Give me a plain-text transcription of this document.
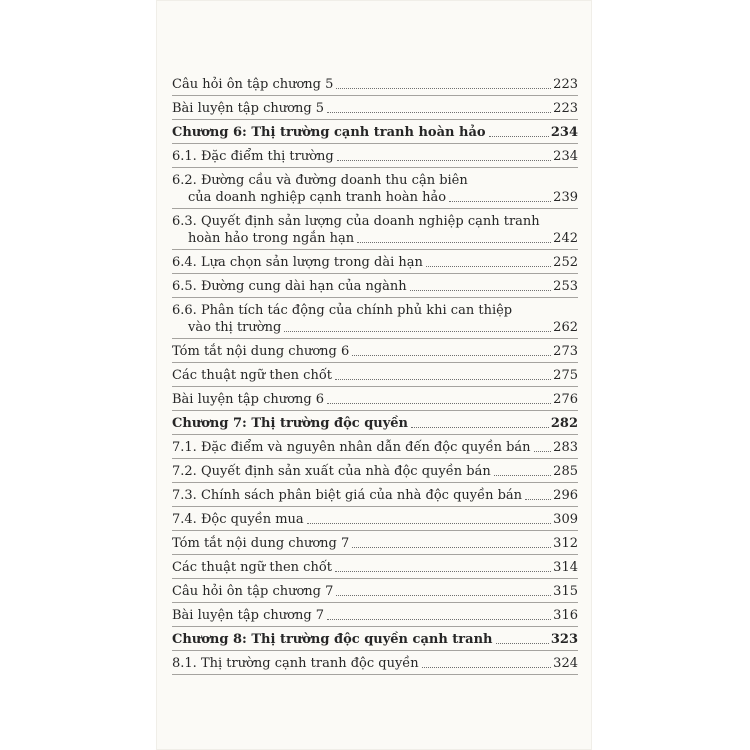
Câu hỏi ôn tập chương 5	223
Bài luyện tập chương 5	223
Chương 6: Thị trường cạnh tranh hoàn hảo	234
6.1. Đặc điểm thị trường	234
6.2. Đường cầu và đường doanh thu cận biên
của doanh nghiệp cạnh tranh hoàn hảo	239
6.3. Quyết định sản lượng của doanh nghiệp cạnh tranh
hoàn hảo trong ngắn hạn	242
6.4. Lựa chọn sản lượng trong dài hạn	252
6.5. Đường cung dài hạn của ngành	253
6.6. Phân tích tác động của chính phủ khi can thiệp
vào thị trường	262
Tóm tắt nội dung chương 6	273
Các thuật ngữ then chốt	275
Bài luyện tập chương 6	276
Chương 7: Thị trường độc quyền	282
7.1. Đặc điểm và nguyên nhân dẫn đến độc quyền bán 283
7.2. Quyết định sản xuất của nhà độc quyền bán	285
7.3. Chính sách phân biệt giá của nhà độc quyền bán 296
7.4. Độc quyền mua	309
Tóm tắt nội dung chương 7	312
Các thuật ngữ then chốt	314
Câu hỏi ôn tập chương 7	315
Bài luyện tập chương 7	316
Chương 8: Thị trường độc quyền cạnh tranh	323
8.1. Thị trường cạnh tranh độc quyền	324
